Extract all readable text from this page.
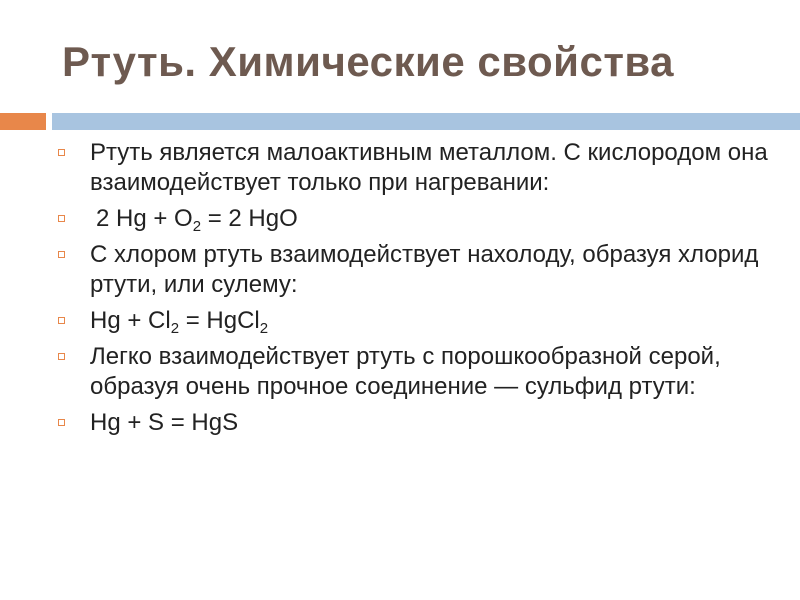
Ртуть. Химические свойства
Ртуть является малоактивным металлом. С кислородом она взаимодействует только при нагревании:
2 $Hg + O_2 = 2$ HgO
С хлором ртуть взаимодействует нахолоду, образуя хлорид ртути, или сулему:
$Hg + Cl_2$ = HgCl$_2$
Легко взаимодействует ртуть с порошкообразной серой, образуя очень прочное соединение — сульфид ртути:
Hg + S = HgS
